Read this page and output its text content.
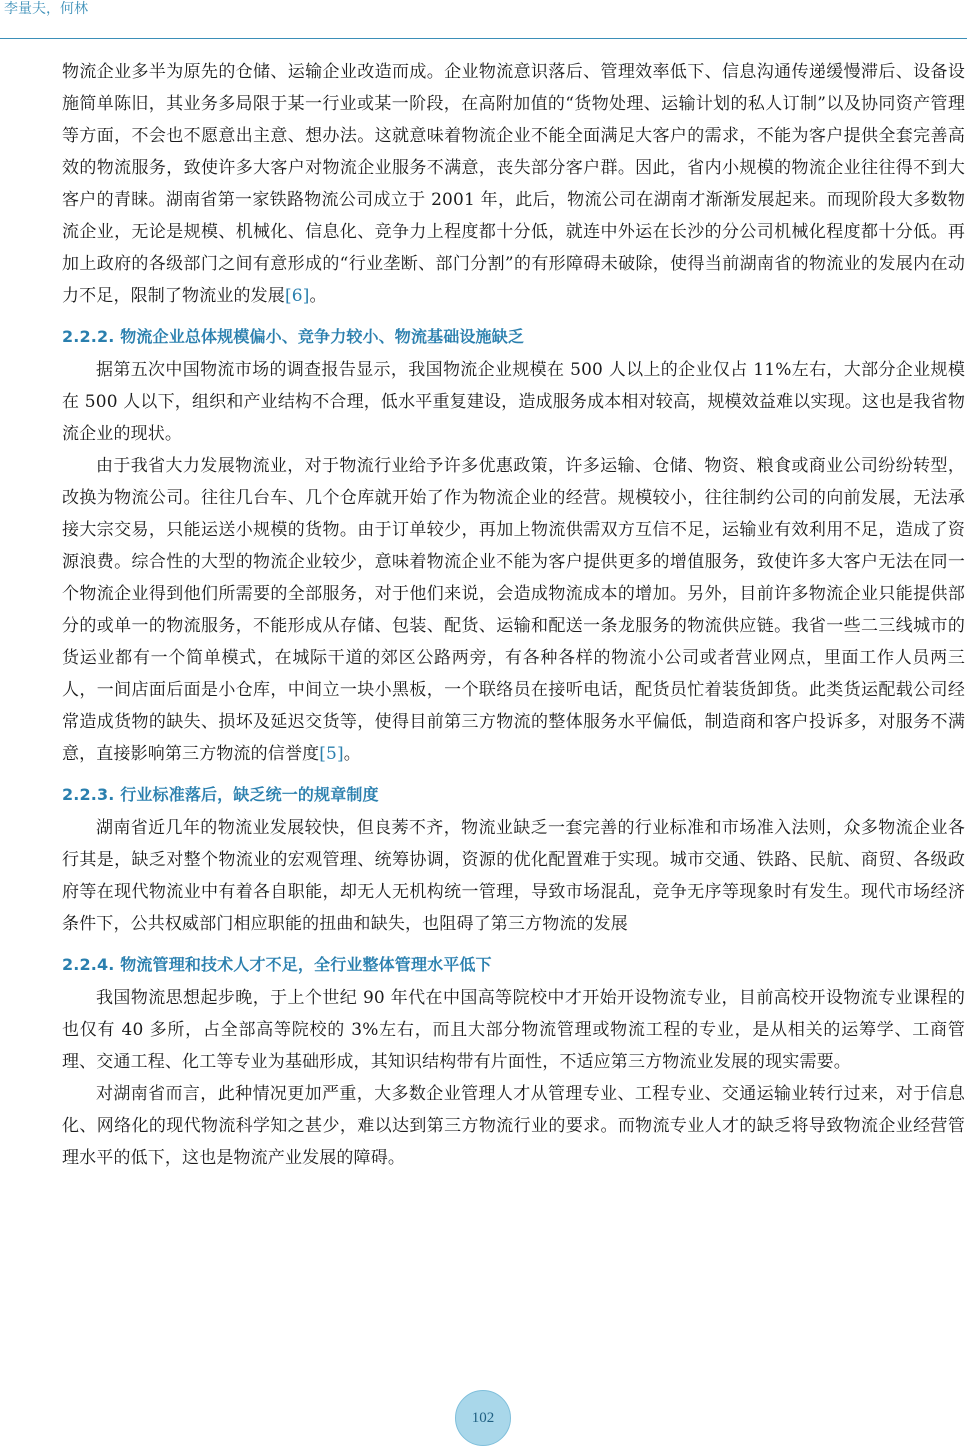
李量夫，何林

物流企业多半为原先的仓储、运输企业改造而成。企业物流意识落后、管理效率低下、信息沟通传递缓慢滞后、设备设施简单陈旧，其业务多局限于某一行业或某一阶段，在高附加值的“货物处理、运输计划的私人订制”以及协同资产管理等方面，不会也不愿意出主意、想办法。这就意味着物流企业不能全面满足大客户的需求，不能为客户提供全套完善高效的物流服务，致使许多大客户对物流企业服务不满意，丧失部分客户群。因此，省内小规模的物流企业往往得不到大客户的青睐。湖南省第一家铁路物流公司成立于 2001 年，此后，物流公司在湖南才渐渐发展起来。而现阶段大多数物流企业，无论是规模、机械化、信息化、竞争力上程度都十分低，就连中外运在长沙的分公司机械化程度都十分低。再加上政府的各级部门之间有意形成的“行业垄断、部门分割”的有形障碍未破除，使得当前湖南省的物流业的发展内在动力不足，限制了物流业的发展[6]。

2.2.2. 物流企业总体规模偏小、竞争力较小、物流基础设施缺乏

据第五次中国物流市场的调查报告显示，我国物流企业规模在 500 人以上的企业仅占 11%左右，大部分企业规模在 500 人以下，组织和产业结构不合理，低水平重复建设，造成服务成本相对较高，规模效益难以实现。这也是我省物流企业的现状。

由于我省大力发展物流业，对于物流行业给予许多优惠政策，许多运输、仓储、物资、粮食或商业公司纷纷转型，改换为物流公司。往往几台车、几个仓库就开始了作为物流企业的经营。规模较小，往往制约公司的向前发展，无法承接大宗交易，只能运送小规模的货物。由于订单较少，再加上物流供需双方互信不足，运输业有效利用不足，造成了资源浪费。综合性的大型的物流企业较少，意味着物流企业不能为客户提供更多的增值服务，致使许多大客户无法在同一个物流企业得到他们所需要的全部服务，对于他们来说，会造成物流成本的增加。另外，目前许多物流企业只能提供部分的或单一的物流服务，不能形成从存储、包装、配货、运输和配送一条龙服务的物流供应链。我省一些二三线城市的货运业都有一个简单模式，在城际干道的郊区公路两旁，有各种各样的物流小公司或者营业网点，里面工作人员两三人，一间店面后面是小仓库，中间立一块小黑板，一个联络员在接听电话，配货员忙着装货卸货。此类货运配载公司经常造成货物的缺失、损坏及延迟交货等，使得目前第三方物流的整体服务水平偏低，制造商和客户投诉多，对服务不满意，直接影响第三方物流的信誉度[5]。

2.2.3. 行业标准落后，缺乏统一的规章制度

湖南省近几年的物流业发展较快，但良莠不齐，物流业缺乏一套完善的行业标准和市场准入法则，众多物流企业各行其是，缺乏对整个物流业的宏观管理、统筹协调，资源的优化配置难于实现。城市交通、铁路、民航、商贸、各级政府等在现代物流业中有着各自职能，却无人无机构统一管理，导致市场混乱，竞争无序等现象时有发生。现代市场经济条件下，公共权威部门相应职能的扭曲和缺失，也阻碍了第三方物流的发展

2.2.4. 物流管理和技术人才不足，全行业整体管理水平低下

我国物流思想起步晚，于上个世纪 90 年代在中国高等院校中才开始开设物流专业，目前高校开设物流专业课程的也仅有 40 多所，占全部高等院校的 3%左右，而且大部分物流管理或物流工程的专业，是从相关的运筹学、工商管理、交通工程、化工等专业为基础形成，其知识结构带有片面性，不适应第三方物流业发展的现实需要。

对湖南省而言，此种情况更加严重，大多数企业管理人才从管理专业、工程专业、交通运输业转行过来，对于信息化、网络化的现代物流科学知之甚少，难以达到第三方物流行业的要求。而物流专业人才的缺乏将导致物流企业经营管理水平的低下，这也是物流产业发展的障碍。

102
